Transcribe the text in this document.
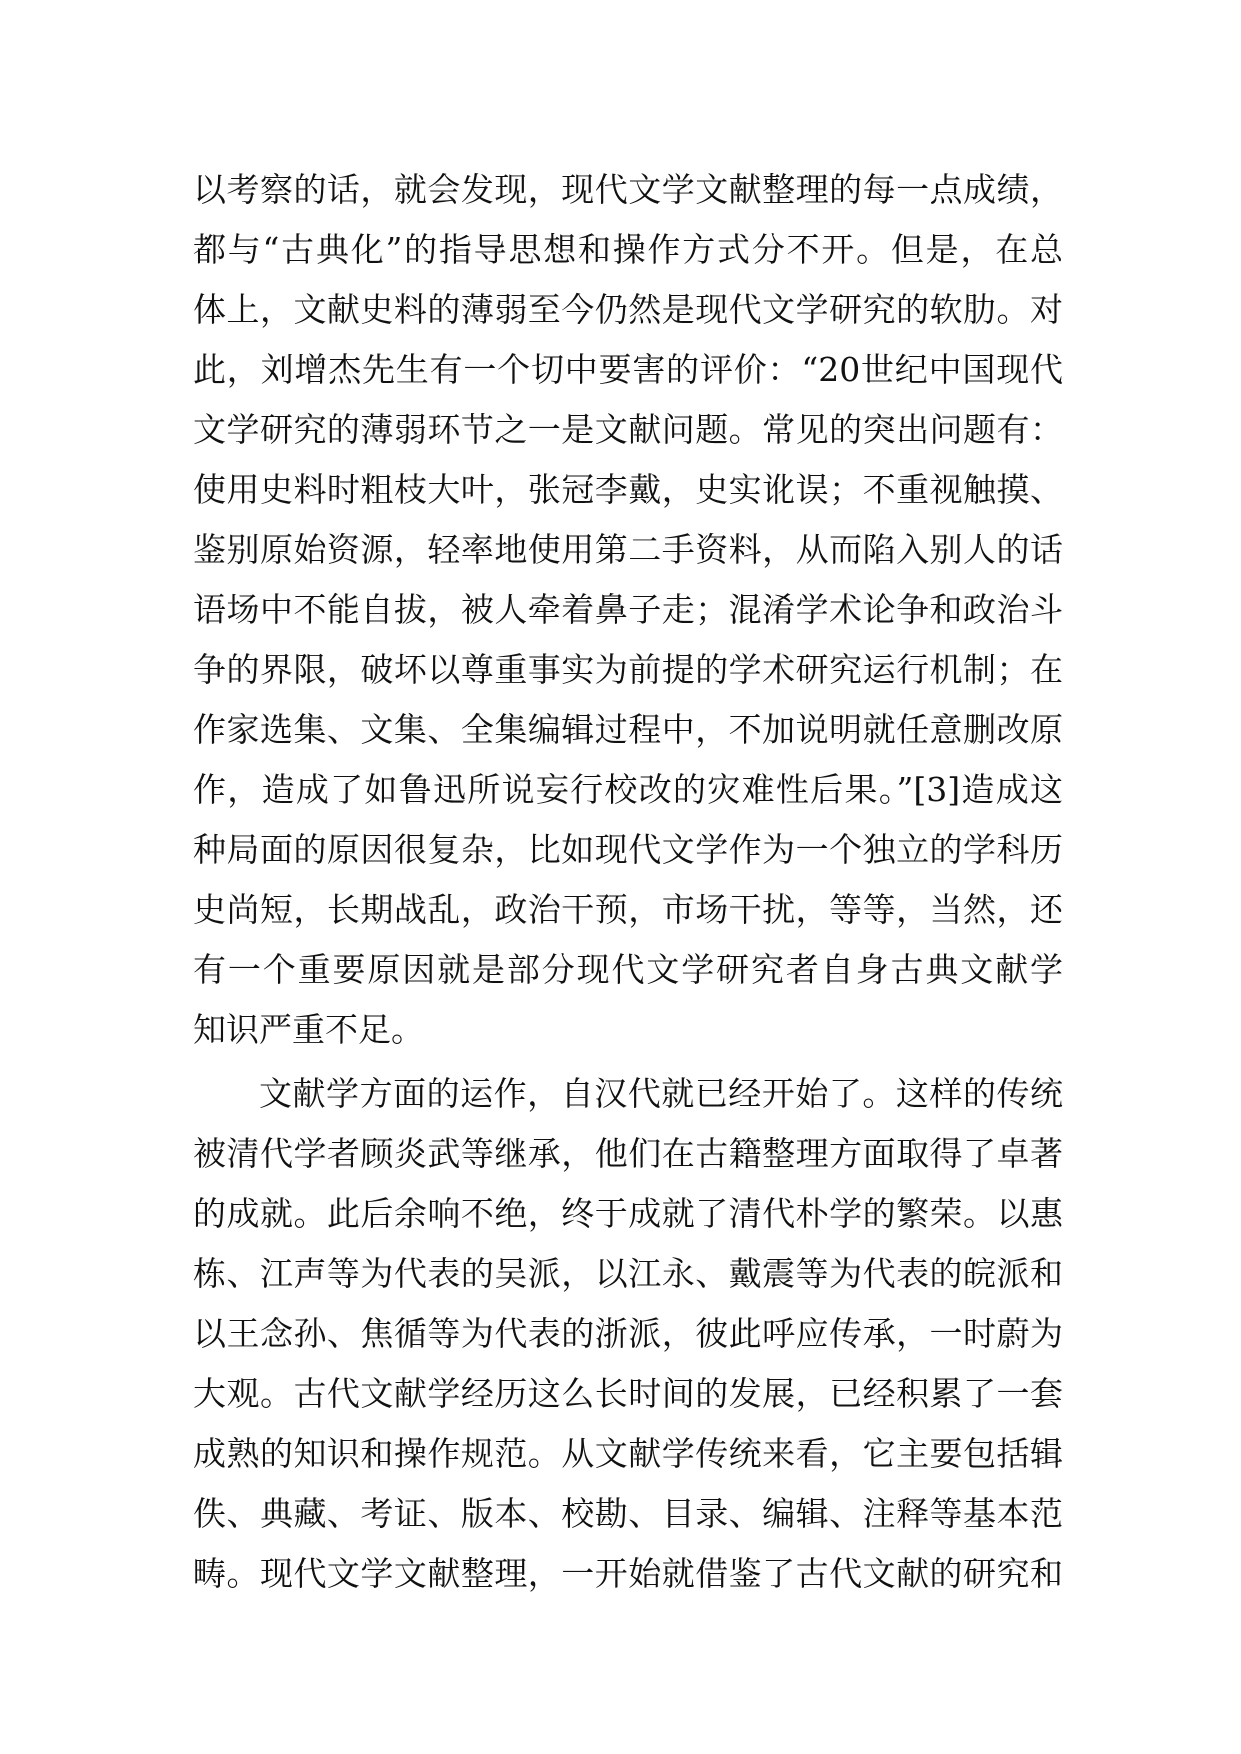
以考察的话，就会发现，现代文学文献整理的每一点成绩，
都与“古典化”的指导思想和操作方式分不开。但是，在总
体上，文献史料的薄弱至今仍然是现代文学研究的软肋。对
此，刘增杰先生有一个切中要害的评价：“20世纪中国现代
文学研究的薄弱环节之一是文献问题。常见的突出问题有：
使用史料时粗枝大叶，张冠李戴，史实讹误；不重视触摸、
鉴别原始资源，轻率地使用第二手资料，从而陷入别人的话
语场中不能自拔，被人牵着鼻子走；混淆学术论争和政治斗
争的界限，破坏以尊重事实为前提的学术研究运行机制；在
作家选集、文集、全集编辑过程中，不加说明就任意删改原
作，造成了如鲁迅所说妄行校改的灾难性后果。”[3]造成这
种局面的原因很复杂，比如现代文学作为一个独立的学科历
史尚短，长期战乱，政治干预，市场干扰，等等，当然，还
有一个重要原因就是部分现代文学研究者自身古典文献学
知识严重不足。
文献学方面的运作，自汉代就已经开始了。这样的传统
被清代学者顾炎武等继承，他们在古籍整理方面取得了卓著
的成就。此后余响不绝，终于成就了清代朴学的繁荣。以惠
栋、江声等为代表的吴派，以江永、戴震等为代表的皖派和
以王念孙、焦循等为代表的浙派，彼此呼应传承，一时蔚为
大观。古代文献学经历这么长时间的发展，已经积累了一套
成熟的知识和操作规范。从文献学传统来看，它主要包括辑
佚、典藏、考证、版本、校勘、目录、编辑、注释等基本范
畴。现代文学文献整理，一开始就借鉴了古代文献的研究和
